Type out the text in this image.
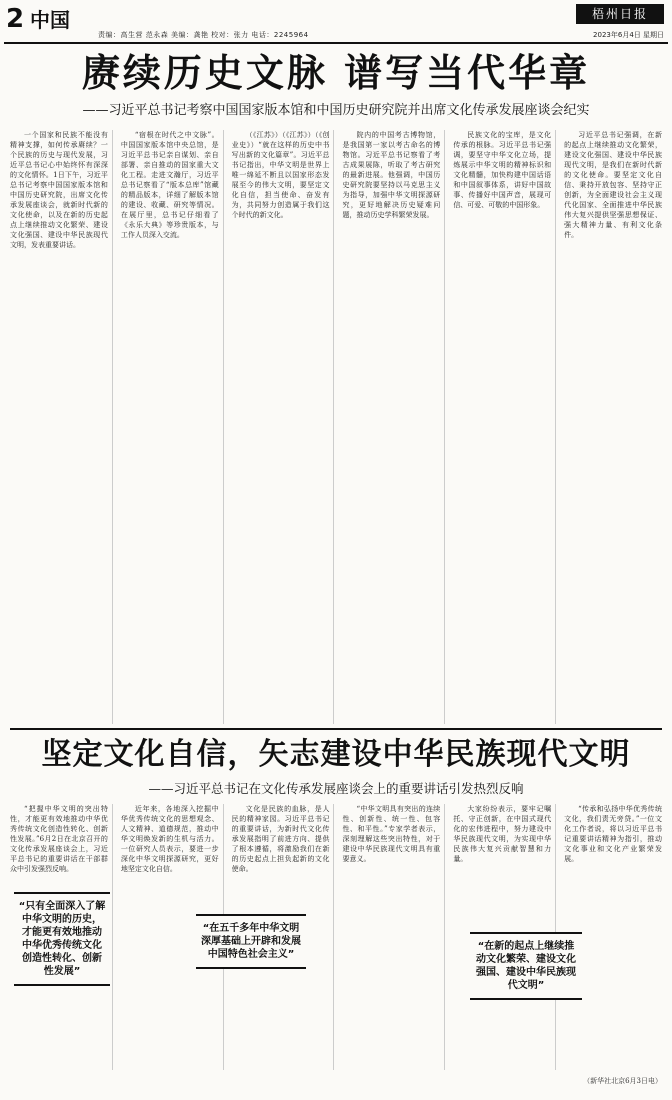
2 中国
责编：高生营 范永森 美编：龚艳 校对：张力 电话：2245964
梧州日报
2023年6月4日 星期日
赓续历史文脉 谱写当代华章
——习近平总书记考察中国国家版本馆和中国历史研究院并出席文化传承发展座谈会纪实

一个国家和民族不能没有精神支撑，如何传承赓续？一个民族的历史与现代发展，习近平总书记心中始终怀有深深的文化情怀。1日下午，习近平总书记考察中国国家版本馆和中国历史研究院，出席文化传承发展座谈会，就新时代新的文化使命，以及在新的历史起点上继续推动文化繁荣、建设文化强国、建设中华民族现代文明，发表重要讲话。

“宿根在时代之中文脉”。中国国家版本馆中央总馆，是习近平总书记亲自谋划、亲自部署、亲自推动的国家重大文化工程。走进文瀚厅，习近平总书记察看了“版本总库”馆藏的精品版本，详细了解版本馆的建设、收藏、研究等情况。在展厅里，总书记仔细看了《永乐大典》等珍贵版本，与工作人员深入交流。

（《江苏》）（《江苏》）（《创业史》）“就在这样的历史中书写出新的文化篇章”。习近平总书记指出，中华文明是世界上唯一绵延不断且以国家形态发展至今的伟大文明，要坚定文化自信，担当使命、奋发有为，共同努力创造属于我们这个时代的新文化。

院内的中国考古博物馆，是我国第一家以考古命名的博物馆。习近平总书记察看了考古成果展陈，听取了考古研究的最新进展。他强调，中国历史研究院要坚持以马克思主义为指导，加强中华文明探源研究，更好地解决历史疑难问题，推动历史学科繁荣发展。

民族文化的宝库，是文化传承的根脉。习近平总书记强调，要坚守中华文化立场，提炼展示中华文明的精神标识和文化精髓，加快构建中国话语和中国叙事体系，讲好中国故事、传播好中国声音，展现可信、可爱、可敬的中国形象。

习近平总书记强调，在新的起点上继续推动文化繁荣，建设文化强国、建设中华民族现代文明，是我们在新时代新的文化使命。要坚定文化自信、秉持开放包容、坚持守正创新，为全面建设社会主义现代化国家、全面推进中华民族伟大复兴提供坚强思想保证、强大精神力量、有利文化条件。

坚定文化自信，矢志建设中华民族现代文明
——习近平总书记在文化传承发展座谈会上的重要讲话引发热烈反响

“把握中华文明的突出特性，才能更有效地推动中华优秀传统文化创造性转化、创新性发展。”6月2日在北京召开的文化传承发展座谈会上，习近平总书记的重要讲话在干部群众中引发强烈反响。

近年来，各地深入挖掘中华优秀传统文化的思想观念、人文精神、道德规范，推动中华文明焕发新的生机与活力。一位研究人员表示，要进一步深化中华文明探源研究，更好地坚定文化自信。

文化是民族的血脉，是人民的精神家园。习近平总书记的重要讲话，为新时代文化传承发展指明了前进方向、提供了根本遵循，将激励我们在新的历史起点上担负起新的文化使命。

“中华文明具有突出的连续性、创新性、统一性、包容性、和平性。”专家学者表示，深刻理解这些突出特性，对于建设中华民族现代文明具有重要意义。

大家纷纷表示，要牢记嘱托、守正创新，在中国式现代化的宏伟进程中，努力建设中华民族现代文明，为实现中华民族伟大复兴贡献智慧和力量。

“传承和弘扬中华优秀传统文化，我们责无旁贷。”一位文化工作者说，将以习近平总书记重要讲话精神为指引，推动文化事业和文化产业繁荣发展。

“只有全面深入了解中华文明的历史，才能更有效地推动中华优秀传统文化创造性转化、创新性发展”
“在五千多年中华文明深厚基础上开辟和发展中国特色社会主义”
“在新的起点上继续推动文化繁荣、建设文化强国、建设中华民族现代文明”
（新华社北京6月3日电）
